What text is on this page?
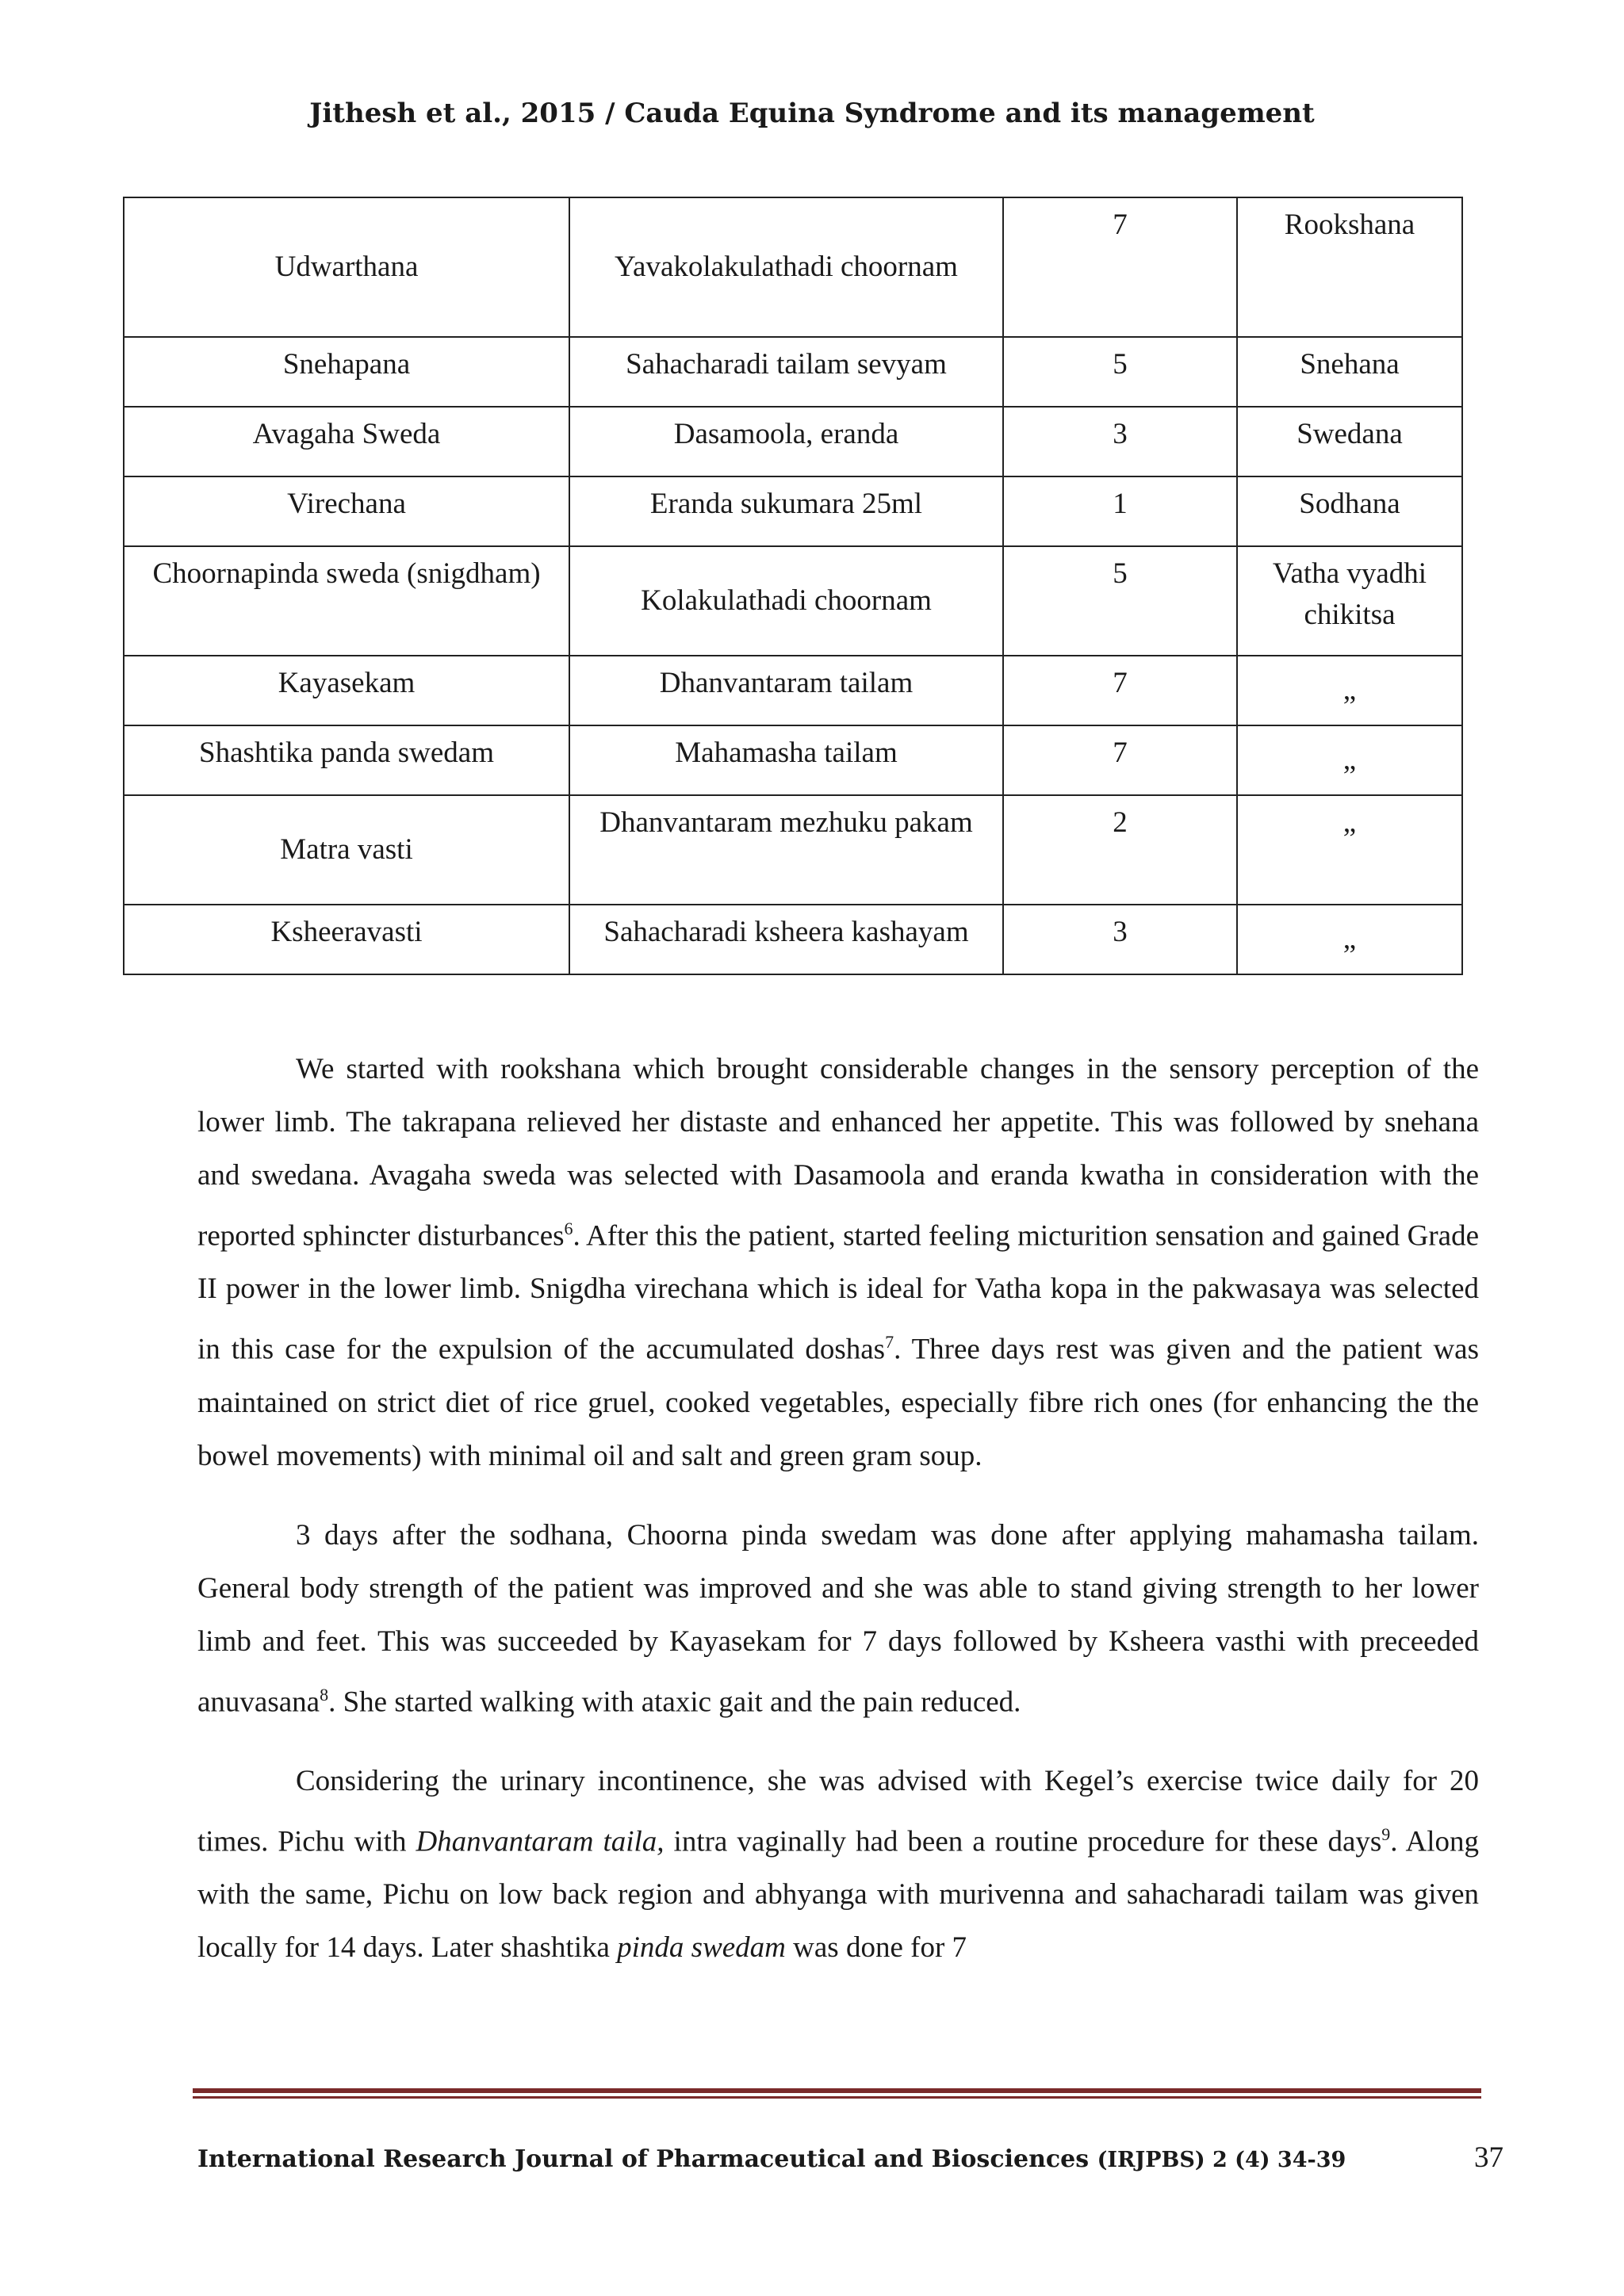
Jithesh et al., 2015 / Cauda Equina Syndrome and its management
Udwarthana	Yavakolakulathadi choornam	7	Rookshana
Snehapana	Sahacharadi tailam sevyam	5	Snehana
Avagaha Sweda	Dasamoola, eranda	3	Swedana
Virechana	Eranda sukumara 25ml	1	Sodhana
Choornapinda sweda (snigdham)	Kolakulathadi choornam	5	Vatha vyadhi chikitsa
Kayasekam	Dhanvantaram tailam	7	„
Shashtika panda swedam	Mahamasha tailam	7	„
Matra vasti	Dhanvantaram mezhuku pakam	2	„
Ksheeravasti	Sahacharadi ksheera kashayam	3	„

We started with rookshana which brought considerable changes in the sensory perception of the lower limb. The takrapana relieved her distaste and enhanced her appetite. This was followed by snehana and swedana. Avagaha sweda was selected with Dasamoola and eranda kwatha in consideration with the reported sphincter disturbances$^6$. After this the patient, started feeling micturition sensation and gained Grade II power in the lower limb. Snigdha virechana which is ideal for Vatha kopa in the pakwasaya was selected in this case for the expulsion of the accumulated doshas$^7$. Three days rest was given and the patient was maintained on strict diet of rice gruel, cooked vegetables, especially fibre rich ones (for enhancing the the bowel movements) with minimal oil and salt and green gram soup.

3 days after the sodhana, Choorna pinda swedam was done after applying mahamasha tailam. General body strength of the patient was improved and she was able to stand giving strength to her lower limb and feet. This was succeeded by Kayasekam for 7 days followed by Ksheera vasthi with preceeded anuvasana$^8$. She started walking with ataxic gait and the pain reduced.

Considering the urinary incontinence, she was advised with Kegel’s exercise twice daily for 20 times. Pichu with Dhanvantaram taila, intra vaginally had been a routine procedure for these days$^9$. Along with the same, Pichu on low back region and abhyanga with murivenna and sahacharadi tailam was given locally for 14 days. Later shashtika pinda swedam was done for 7

International Research Journal of Pharmaceutical and Biosciences (IRJPBS) 2 (4) 34-39	37
